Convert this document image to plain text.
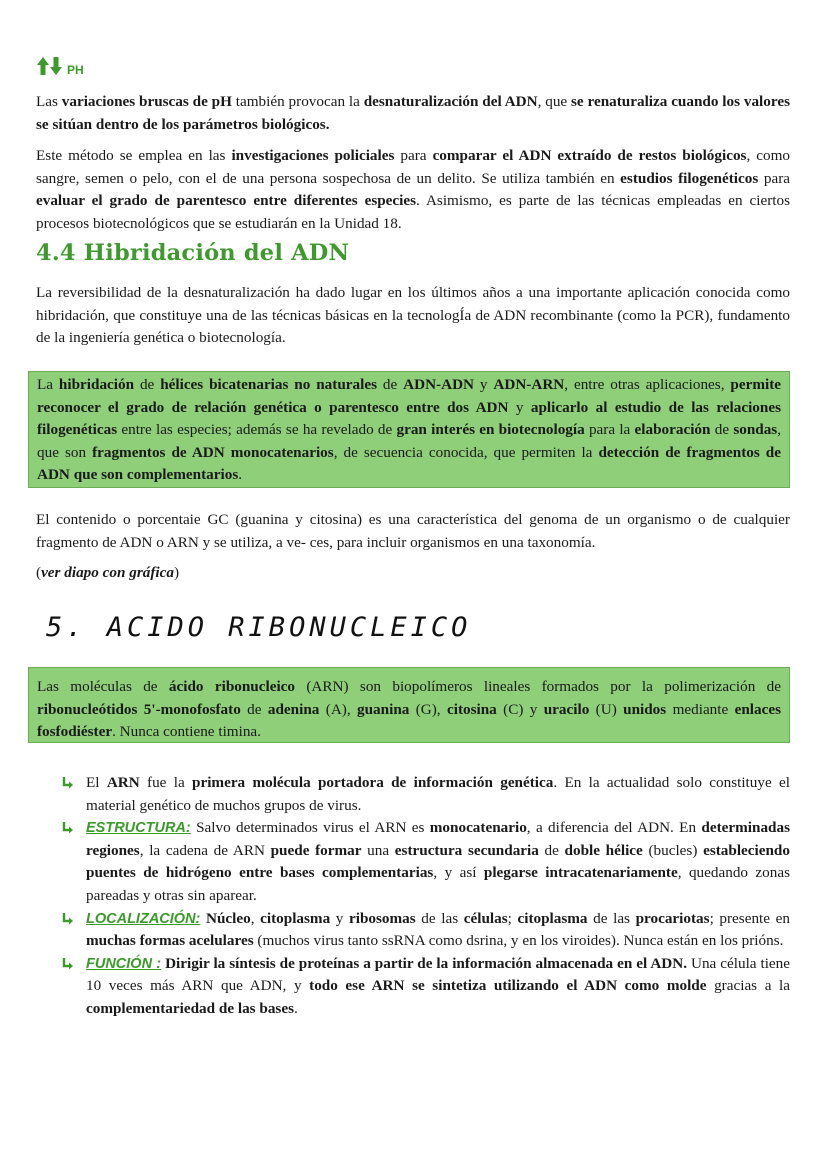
PH

Las variaciones bruscas de pH también provocan la desnaturalización del ADN, que se renaturaliza cuando los valores se sitúan dentro de los parámetros biológicos.

Este método se emplea en las investigaciones policiales para comparar el ADN extraído de restos biológicos, como sangre, semen o pelo, con el de una persona sospechosa de un delito. Se utiliza también en estudios filogenéticos para evaluar el grado de parentesco entre diferentes especies. Asimismo, es parte de las técnicas empleadas en ciertos procesos biotecnológicos que se estudiarán en la Unidad 18.

4.4 Hibridación del ADN

La reversibilidad de la desnaturalización ha dado lugar en los últimos años a una importante aplicación conocida como hibridación, que constituye una de las técnicas básicas en la tecnologÍa de ADN recombinante (como la PCR), fundamento de la ingeniería genética o biotecnología.

La hibridación de hélices bicatenarias no naturales de ADN-ADN y ADN-ARN, entre otras aplicaciones, permite reconocer el grado de relación genética o parentesco entre dos ADN y aplicarlo al estudio de las relaciones filogenéticas entre las especies; además se ha revelado de gran interés en biotecnología para la elaboración de sondas, que son fragmentos de ADN monocatenarios, de secuencia conocida, que permiten la detección de fragmentos de ADN que son complementarios.

El contenido o porcentaie GC (guanina y citosina) es una característica del genoma de un organismo o de cualquier fragmento de ADN o ARN y se utiliza, a ve- ces, para incluir organismos en una taxonomía.

(ver diapo con gráfica)

5. ACIDO RIBONUCLEICO

Las moléculas de ácido ribonucleico (ARN) son biopolímeros lineales formados por la polimerización de ribonucleótidos 5'-monofosfato de adenina (A), guanina (G), citosina (C) y uracilo (U) unidos mediante enlaces fosfodiéster. Nunca contiene timina.

El ARN fue la primera molécula portadora de información genética. En la actualidad solo constituye el material genético de muchos grupos de virus.
ESTRUCTURA: Salvo determinados virus el ARN es monocatenario, a diferencia del ADN. En determinadas regiones, la cadena de ARN puede formar una estructura secundaria de doble hélice (bucles) estableciendo puentes de hidrógeno entre bases complementarias, y así plegarse intracatenariamente, quedando zonas pareadas y otras sin aparear.
LOCALIZACIÓN: Núcleo, citoplasma y ribosomas de las células; citoplasma de las procariotas; presente en muchas formas acelulares (muchos virus tanto ssRNA como dsrina, y en los viroides). Nunca están en los prións.
FUNCIÓN : Dirigir la síntesis de proteínas a partir de la información almacenada en el ADN. Una célula tiene 10 veces más ARN que ADN, y todo ese ARN se sintetiza utilizando el ADN como molde gracias a la complementariedad de las bases.
